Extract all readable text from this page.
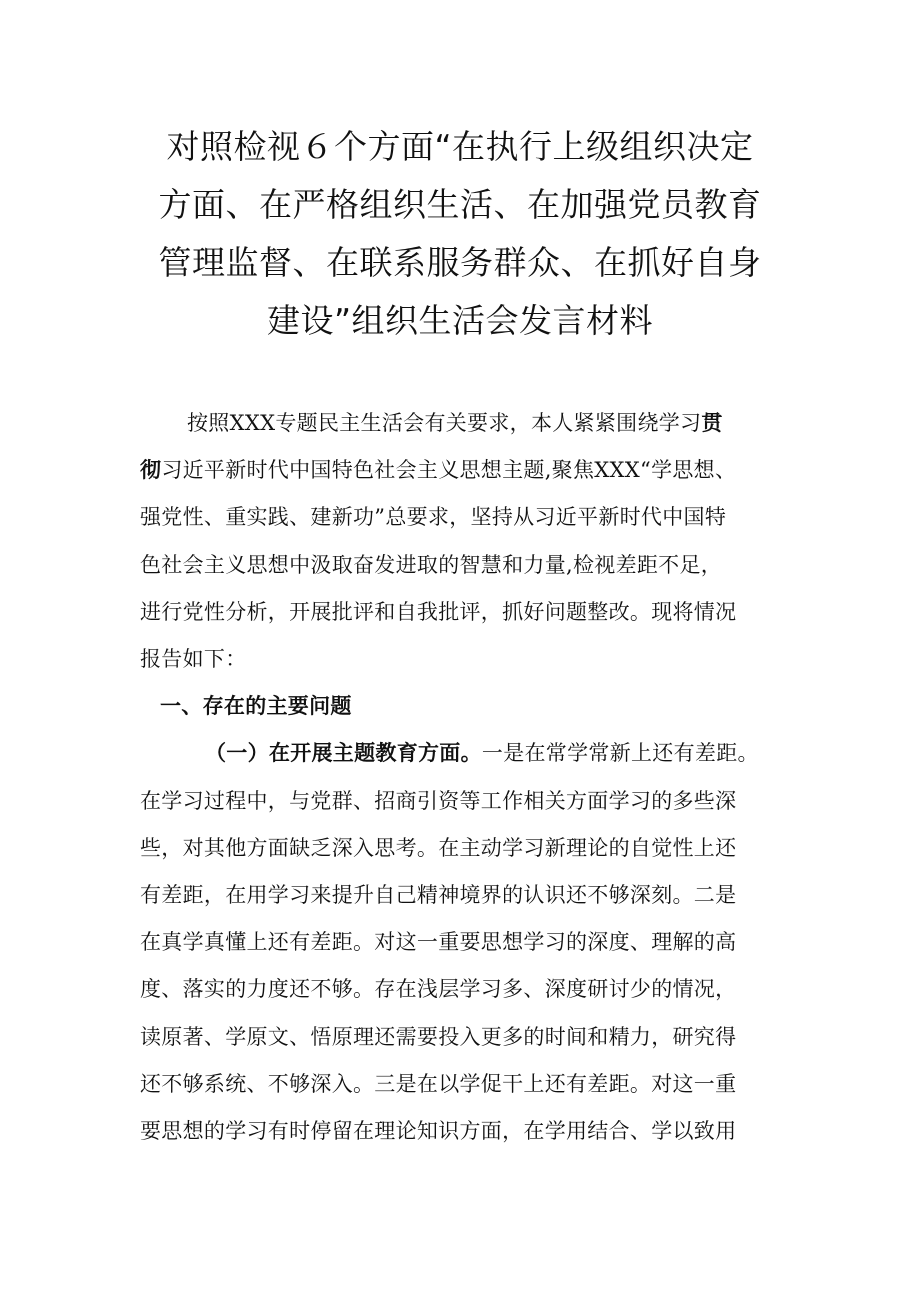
对照检视６个方面“在执行上级组织决定
方面、在严格组织生活、在加强党员教育
管理监督、在联系服务群众、在抓好自身
建设”组织生活会发言材料
按照XXX专题民主生活会有关要求，本人紧紧围绕学习贯
彻习近平新时代中国特色社会主义思想主题,聚焦XXX“学思想、
强党性、重实践、建新功”总要求，坚持从习近平新时代中国特
色社会主义思想中汲取奋发进取的智慧和力量,检视差距不足，
进行党性分析，开展批评和自我批评，抓好问题整改。现将情况
报告如下：
一、存在的主要问题
（一）在开展主题教育方面。一是在常学常新上还有差距。
在学习过程中，与党群、招商引资等工作相关方面学习的多些深
些，对其他方面缺乏深入思考。在主动学习新理论的自觉性上还
有差距，在用学习来提升自己精神境界的认识还不够深刻。二是
在真学真懂上还有差距。对这一重要思想学习的深度、理解的高
度、落实的力度还不够。存在浅层学习多、深度研讨少的情况，
读原著、学原文、悟原理还需要投入更多的时间和精力，研究得
还不够系统、不够深入。三是在以学促干上还有差距。对这一重
要思想的学习有时停留在理论知识方面，在学用结合、学以致用
